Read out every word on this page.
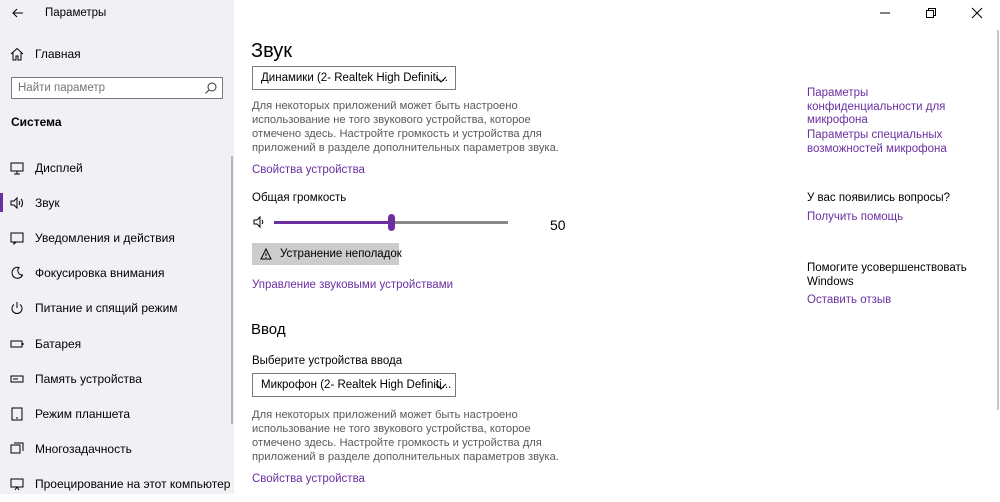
Параметры
Главная
Найти параметр
Система
Дисплей
Звук
Уведомления и действия
Фокусировка внимания
Питание и спящий режим
Батарея
Память устройства
Режим планшета
Многозадачность
Проецирование на этот компьютер
Звук
Динамики (2- Realtek High Definiti...
Для некоторых приложений может быть настроено использование не того звукового устройства, которое отмечено здесь. Настройте громкость и устройства для приложений в разделе дополнительных параметров звука.
Свойства устройства
Общая громкость
50
Устранение неполадок
Управление звуковыми устройствами
Ввод
Выберите устройства ввода
Микрофон (2- Realtek High Definiti...
Для некоторых приложений может быть настроено использование не того звукового устройства, которое отмечено здесь. Настройте громкость и устройства для приложений в разделе дополнительных параметров звука.
Свойства устройства
Параметры конфиденциальности для микрофона
Параметры специальных возможностей микрофона
У вас появились вопросы?
Получить помощь
Помогите усовершенствовать Windows
Оставить отзыв
